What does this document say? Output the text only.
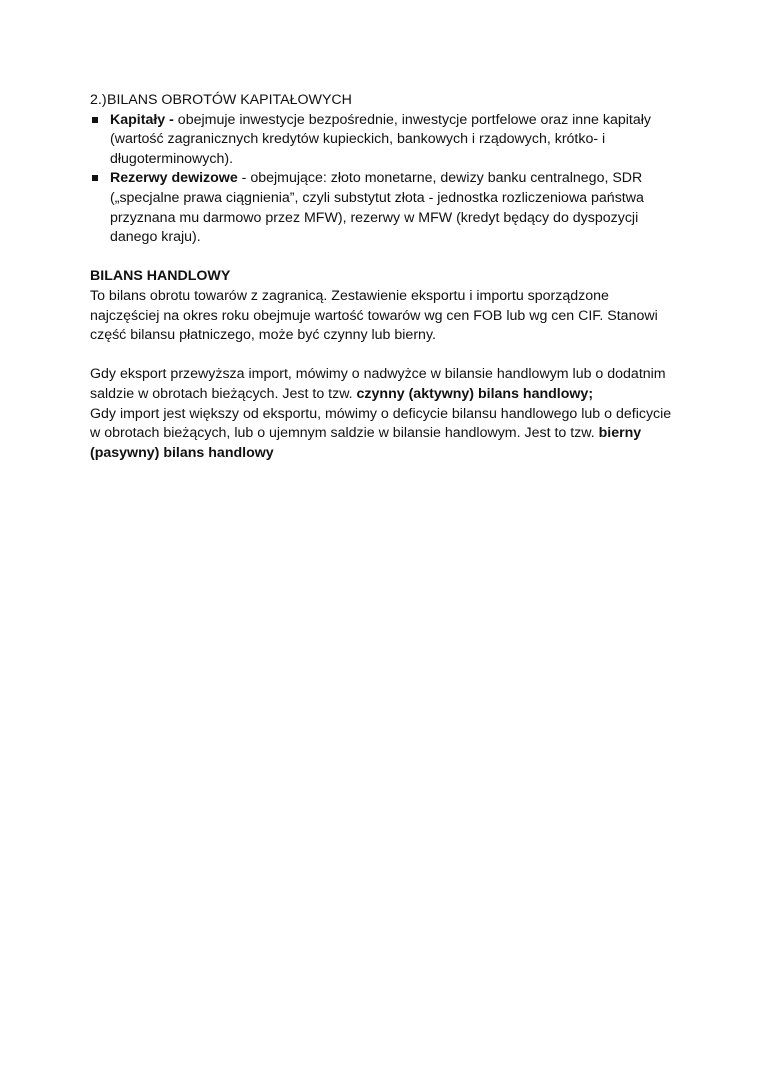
2.)BILANS OBROTÓW KAPITAŁOWYCH

Kapitały - obejmuje inwestycje bezpośrednie, inwestycje portfelowe oraz inne kapitały (wartość zagranicznych kredytów kupieckich, bankowych i rządowych, krótko- i długoterminowych).
Rezerwy dewizowe - obejmujące: złoto monetarne, dewizy banku centralnego, SDR („specjalne prawa ciągnienia”, czyli substytut złota - jednostka rozliczeniowa państwa przyznana mu darmowo przez MFW), rezerwy w MFW (kredyt będący do dyspozycji danego kraju).

BILANS HANDLOWY

To bilans obrotu towarów z zagranicą. Zestawienie eksportu i importu sporządzone najczęściej na okres roku obejmuje wartość towarów wg cen FOB lub wg cen CIF. Stanowi część bilansu płatniczego, może być czynny lub bierny.

Gdy eksport przewyższa import, mówimy o nadwyżce w bilansie handlowym lub o dodatnim saldzie w obrotach bieżących. Jest to tzw. czynny (aktywny) bilans handlowy;

Gdy import jest większy od eksportu, mówimy o deficycie bilansu handlowego lub o deficycie w obrotach bieżących, lub o ujemnym saldzie w bilansie handlowym. Jest to tzw. bierny (pasywny) bilans handlowy
